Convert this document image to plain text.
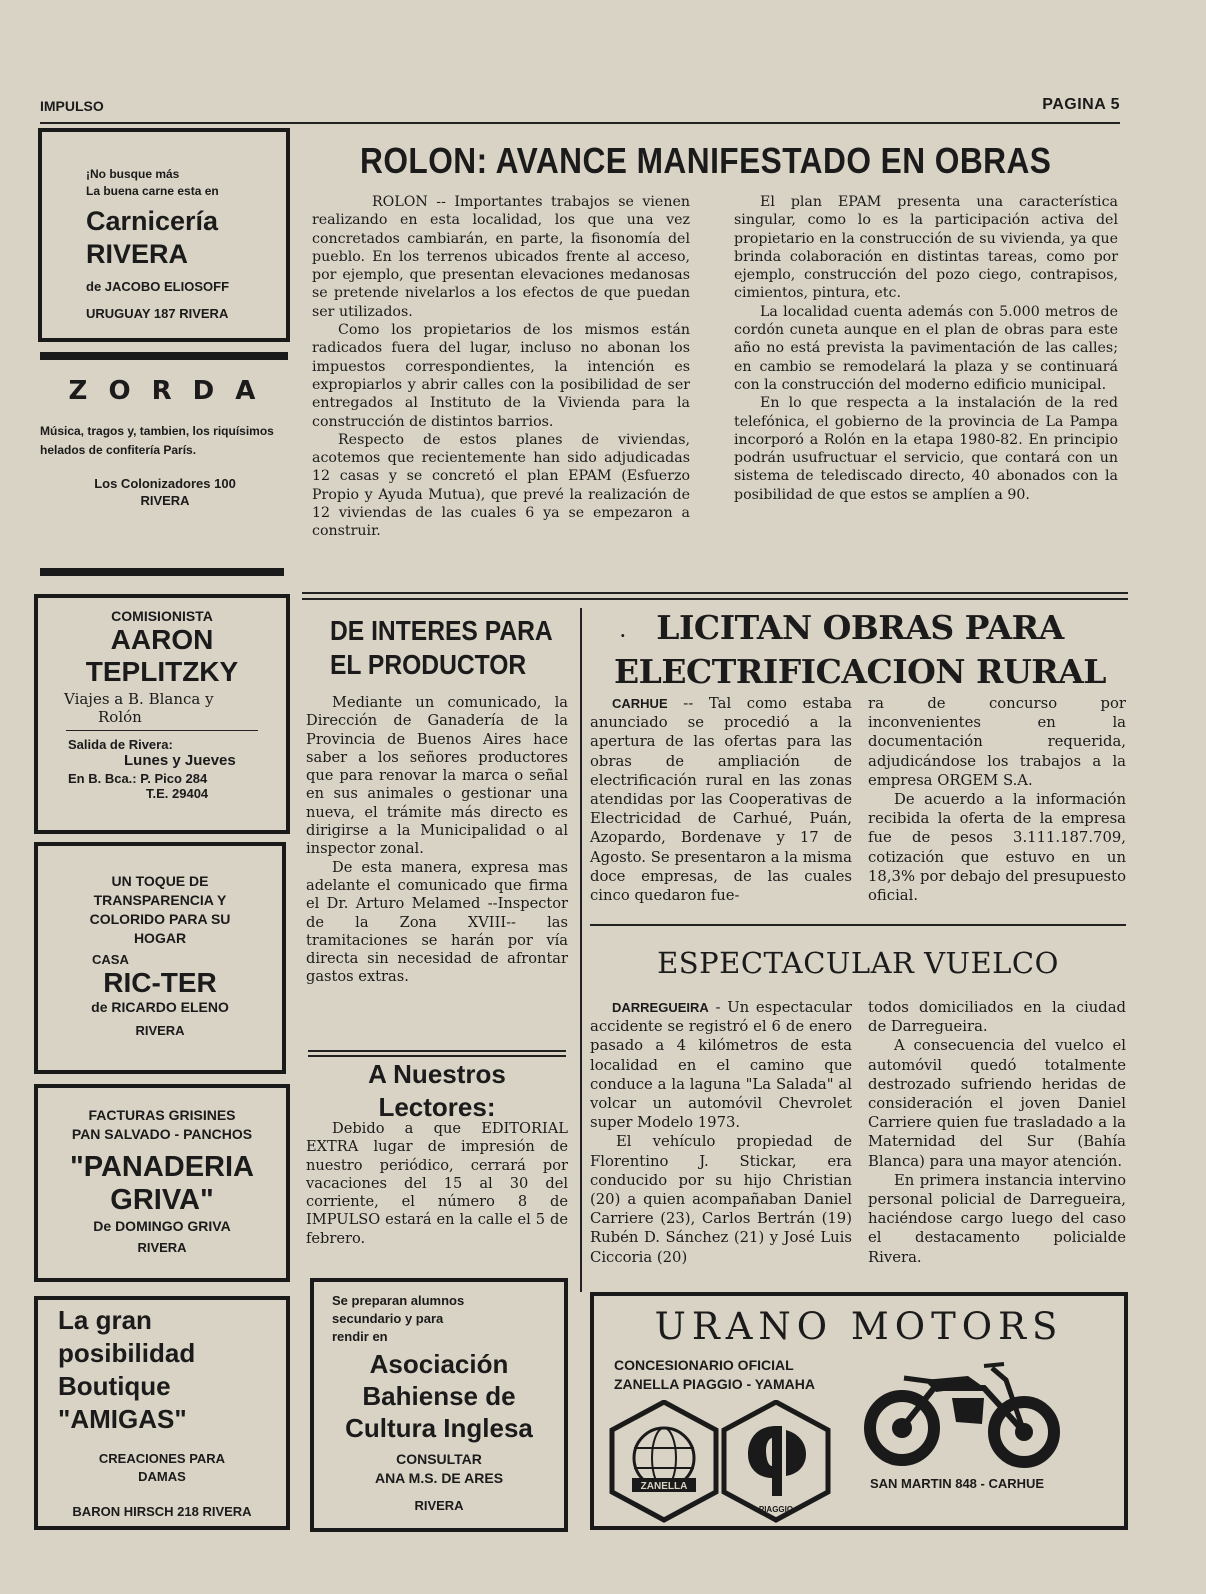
IMPULSO	PAGINA 5
¡No busque más
La buena carne esta en
Carnicería
RIVERA
de JACOBO ELIOSOFF
URUGUAY 187 RIVERA
Z O R D A
Música, tragos y, tambien, los riquísimos helados de confitería París.
Los Colonizadores 100
RIVERA
COMISIONISTA
AARON
TEPLITZKY
Viajes a B. Blanca y
Rolón
Salida de Rivera:
Lunes y Jueves
En B. Bca.: P. Pico 284
T.E. 29404
UN TOQUE DE
TRANSPARENCIA Y
COLORIDO PARA SU
HOGAR
CASA
RIC-TER
de RICARDO ELENO
RIVERA
FACTURAS GRISINES
PAN SALVADO - PANCHOS
"PANADERIA
GRIVA"
De DOMINGO GRIVA
RIVERA
La gran
posibilidad
Boutique
"AMIGAS"
CREACIONES PARA
DAMAS
BARON HIRSCH 218 RIVERA
ROLON: AVANCE MANIFESTADO EN OBRAS

ROLON -- Importantes trabajos se vienen realizando en esta localidad, los que una vez concretados cambiarán, en parte, la fisonomía del pueblo. En los terrenos ubicados frente al acceso, por ejemplo, que presentan elevaciones medanosas se pretende nivelarlos a los efectos de que puedan ser utilizados.

Como los propietarios de los mismos están radicados fuera del lugar, incluso no abonan los impuestos correspondientes, la intención es expropiarlos y abrir calles con la posibilidad de ser entregados al Instituto de la Vivienda para la construcción de distintos barrios.

Respecto de estos planes de viviendas, acotemos que recientemente han sido adjudicadas 12 casas y se concretó el plan EPAM (Esfuerzo Propio y Ayuda Mutua), que prevé la realización de 12 viviendas de las cuales 6 ya se empezaron a construir.

El plan EPAM presenta una característica singular, como lo es la participación activa del propietario en la construcción de su vivienda, ya que brinda colaboración en distintas tareas, como por ejemplo, construcción del pozo ciego, contrapisos, cimientos, pintura, etc.

La localidad cuenta además con 5.000 metros de cordón cuneta aunque en el plan de obras para este año no está prevista la pavimentación de las calles; en cambio se remodelará la plaza y se continuará con la construcción del moderno edificio municipal.

En lo que respecta a la instalación de la red telefónica, el gobierno de la provincia de La Pampa incorporó a Rolón en la etapa 1980-82. En principio podrán usufructuar el servicio, que contará con un sistema de telediscado directo, 40 abonados con la posibilidad de que estos se amplíen a 90.

DE INTERES PARA
EL PRODUCTOR

Mediante un comunicado, la Dirección de Ganadería de la Provincia de Buenos Aires hace saber a los señores productores que para renovar la marca o señal en sus animales o gestionar una nueva, el trámite más directo es dirigirse a la Municipalidad o al inspector zonal.

De esta manera, expresa mas adelante el comunicado que firma el Dr. Arturo Melamed --Inspector de la Zona XVIII-- las tramitaciones se harán por vía directa sin necesidad de afrontar gastos extras.

A Nuestros
Lectores:

Debido a que EDITORIAL EXTRA lugar de impresión de nuestro periódico, cerrará por vacaciones del 15 al 30 del corriente, el número 8 de IMPULSO estará en la calle el 5 de febrero.

Se preparan alumnos
secundario y para
rendir en
Asociación
Bahiense de
Cultura Inglesa
CONSULTAR
ANA M.S. DE ARES
RIVERA
· LICITAN OBRAS PARA
ELECTRIFICACION RURAL

CARHUE -- Tal como estaba anunciado se procedió a la apertura de las ofertas para las obras de ampliación de electrificación rural en las zonas atendidas por las Cooperativas de Electricidad de Carhué, Puán, Azopardo, Bordenave y 17 de Agosto. Se presentaron a la misma doce empresas, de las cuales cinco quedaron fue-

ra de concurso por inconvenientes en la documentación requerida, adjudicándose los trabajos a la empresa ORGEM S.A.

De acuerdo a la información recibida la oferta de la empresa fue de pesos 3.111.187.709, cotización que estuvo en un 18,3% por debajo del presupuesto oficial.

ESPECTACULAR VUELCO

DARREGUEIRA - Un espectacular accidente se registró el 6 de enero pasado a 4 kilómetros de esta localidad en el camino que conduce a la laguna "La Salada" al volcar un automóvil Chevrolet super Modelo 1973.

El vehículo propiedad de Florentino J. Stickar, era conducido por su hijo Christian (20) a quien acompañaban Daniel Carriere (23), Carlos Bertrán (19) Rubén D. Sánchez (21) y José Luis Ciccoria (20)

todos domiciliados en la ciudad de Darregueira.

A consecuencia del vuelco el automóvil quedó totalmente destrozado sufriendo heridas de consideración el joven Daniel Carriere quien fue trasladado a la Maternidad del Sur (Bahía Blanca) para una mayor atención.

En primera instancia intervino personal policial de Darregueira, haciéndose cargo luego del caso el destacamento policialde Rivera.

URANO MOTORS
CONCESIONARIO OFICIAL
ZANELLA PIAGGIO - YAMAHA
ZANELLA
PIAGGIO
SAN MARTIN 848 - CARHUE
